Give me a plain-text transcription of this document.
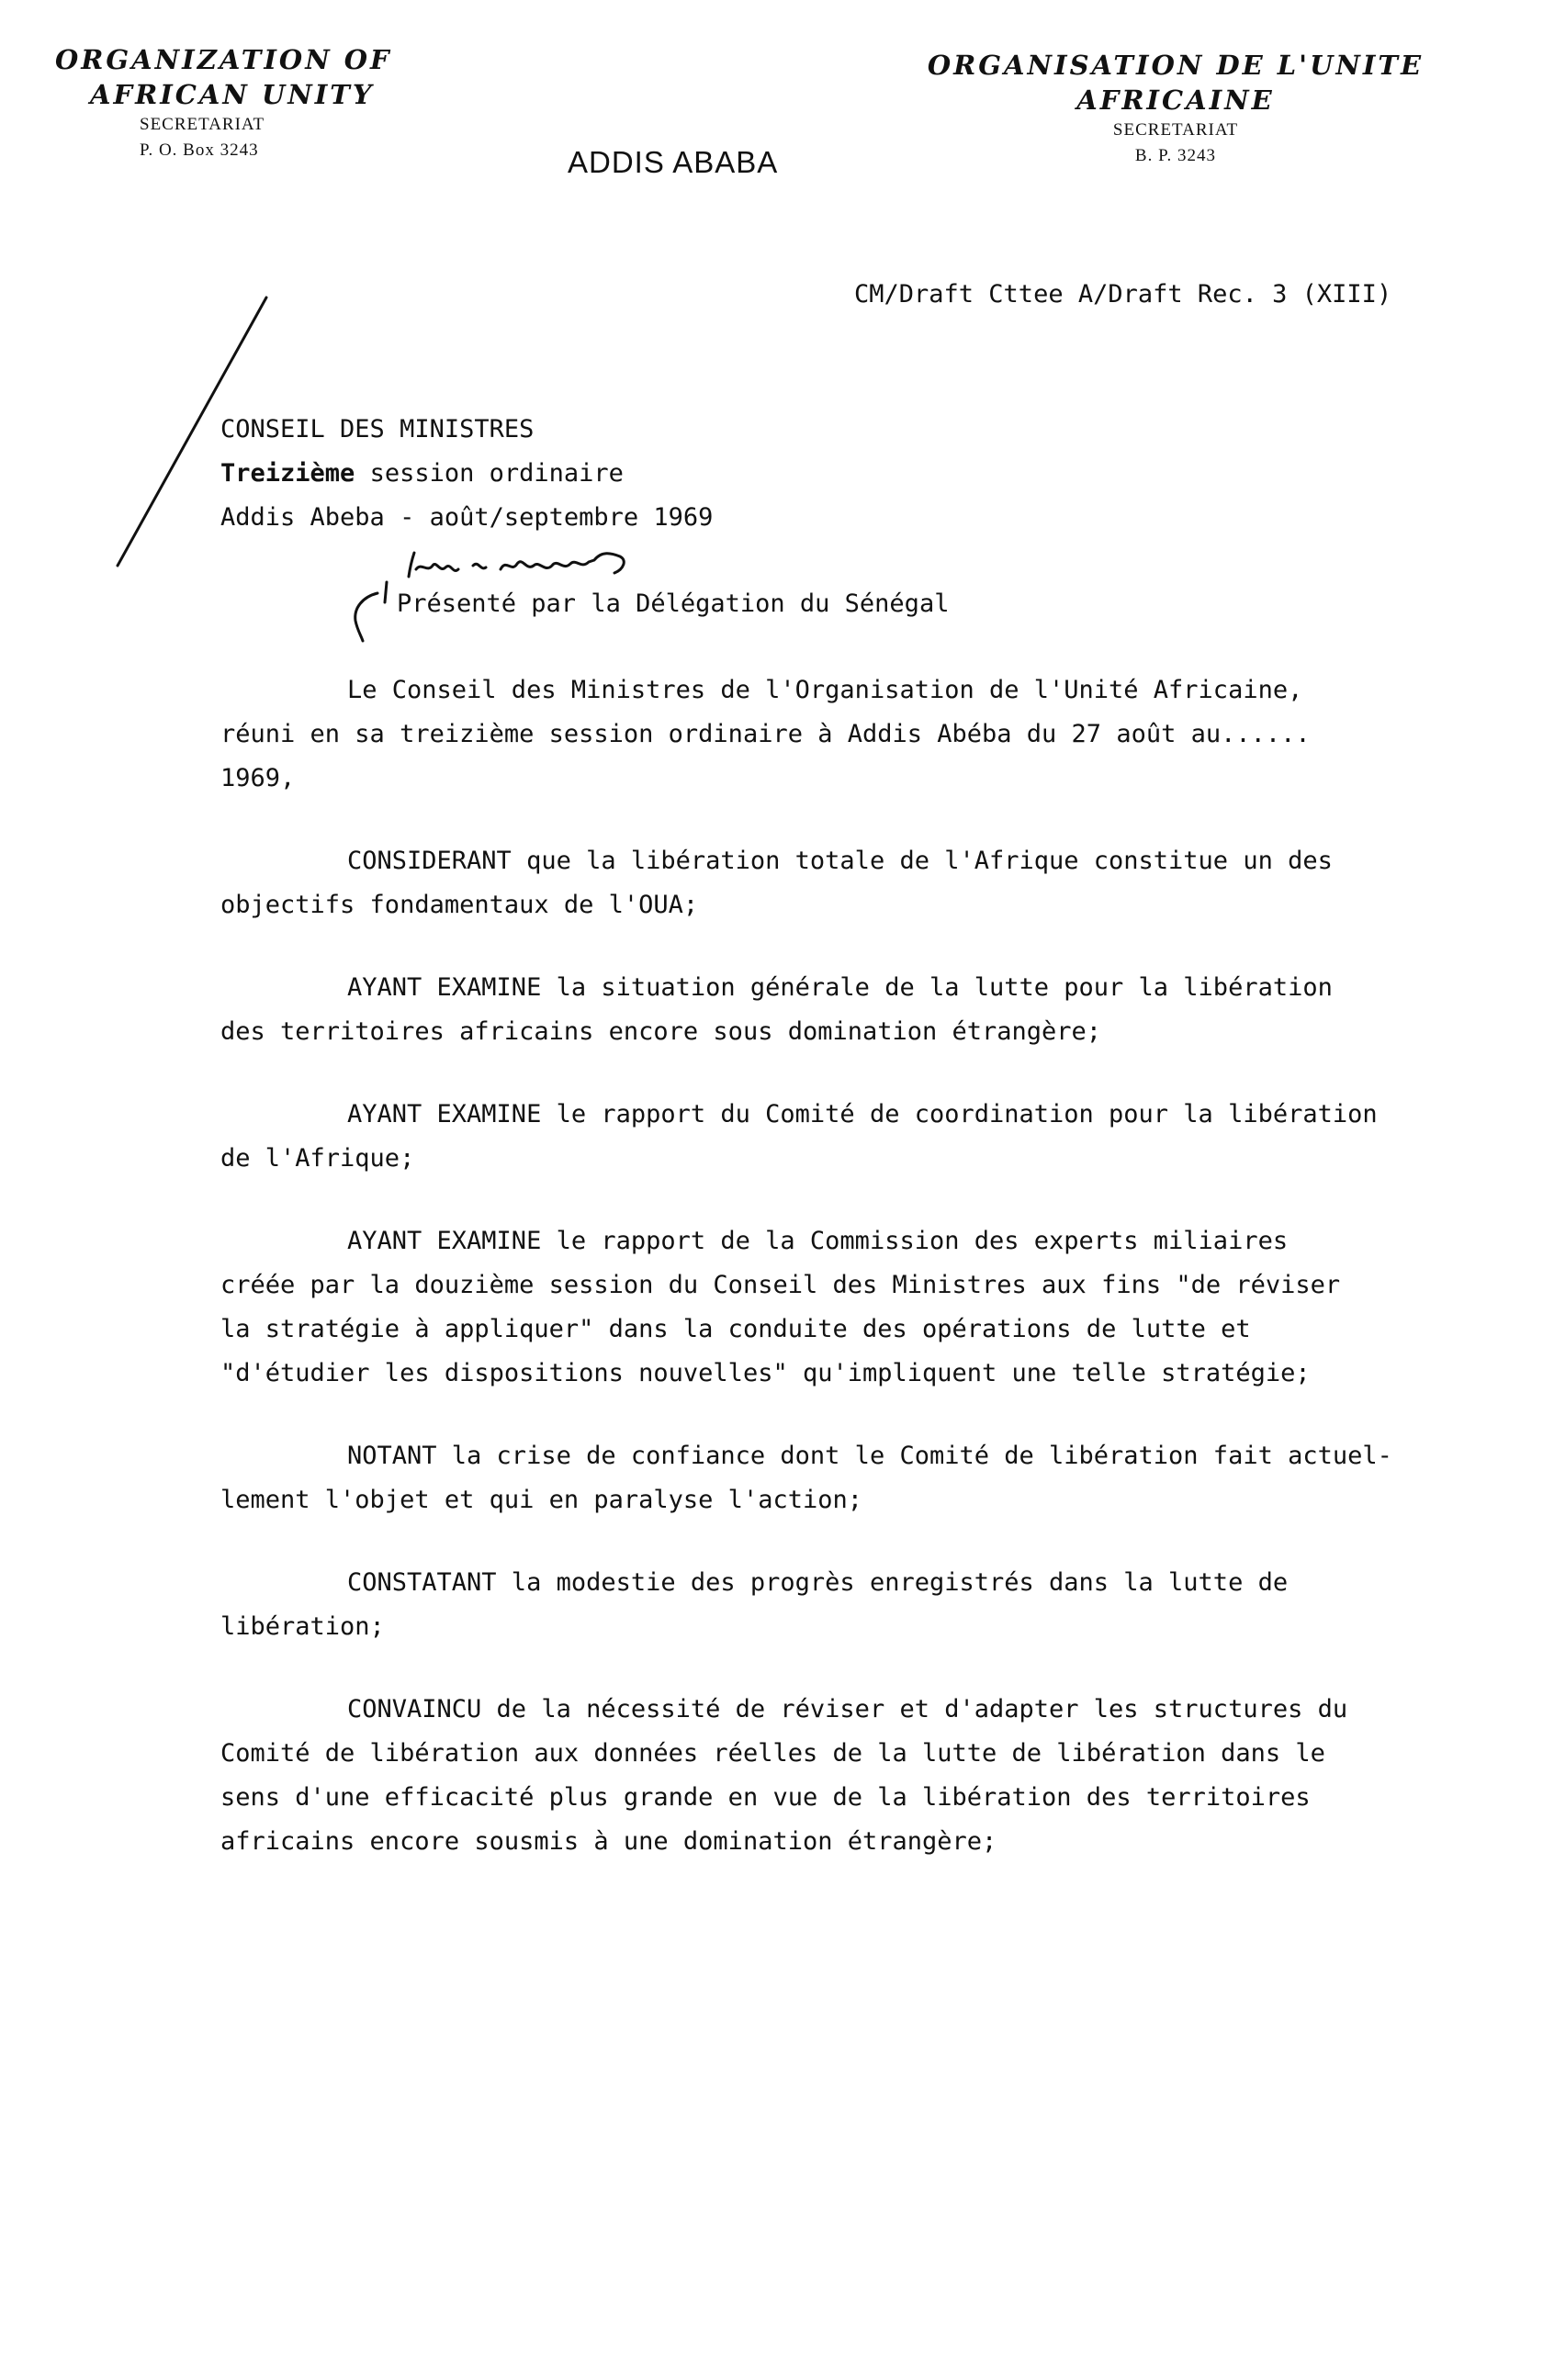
ORGANIZATION OF

AFRICAN UNITY

SECRETARIAT

P. O. Box 3243	ADDIS ABABA

ORGANISATION DE L'UNITE

AFRICAINE

SECRETARIAT

B. P. 3243

CM/Draft Cttee A/Draft Rec. 3 (XIII)
CONSEIL DES MINISTRES
Treizième session ordinaire
Addis Abeba - août/septembre 1969
Présenté par la Délégation du Sénégal
Le Conseil des Ministres de l'Organisation de l'Unité Africaine,
réuni en sa treizième session ordinaire à Addis Abéba du 27 août au......
1969,
CONSIDERANT que la libération totale de l'Afrique constitue un des
objectifs fondamentaux de l'OUA;
AYANT EXAMINE la situation générale de la lutte pour la libération
des territoires africains encore sous domination étrangère;
AYANT EXAMINE le rapport du Comité de coordination pour la libération
de l'Afrique;
AYANT EXAMINE le rapport de la Commission des experts miliaires
créée par la douzième session du Conseil des Ministres aux fins "de réviser
la stratégie à appliquer" dans la conduite des opérations de lutte et
"d'étudier les dispositions nouvelles" qu'impliquent une telle stratégie;
NOTANT la crise de confiance dont le Comité de libération fait actuel-
lement l'objet et qui en paralyse l'action;
CONSTATANT la modestie des progrès enregistrés dans la lutte de
libération;
CONVAINCU de la nécessité de réviser et d'adapter les structures du
Comité de libération aux données réelles de la lutte de libération dans le
sens d'une efficacité plus grande en vue de la libération des territoires
africains encore sousmis à une domination étrangère;
